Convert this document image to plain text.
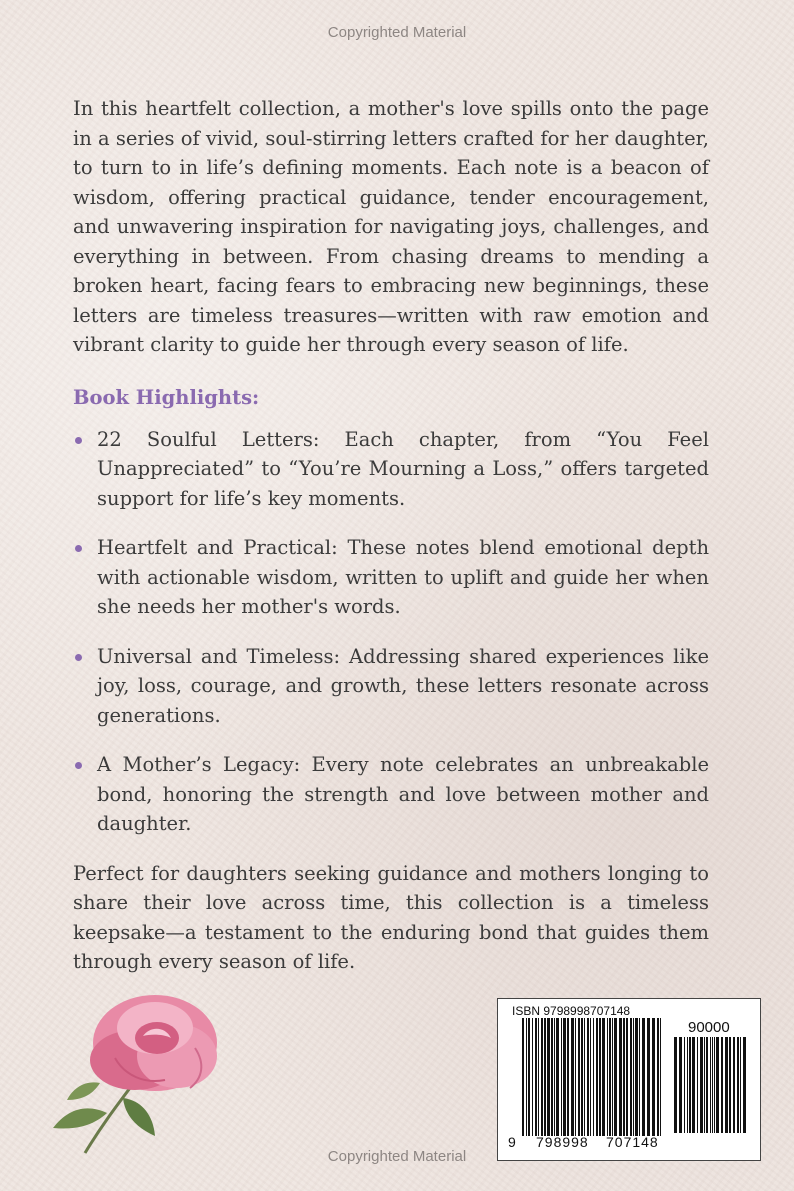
Copyrighted Material

In this heartfelt collection, a mother's love spills onto the page in a series of vivid, soul-stirring letters crafted for her daughter, to turn to in life’s defining moments. Each note is a beacon of wisdom, offering practical guidance, tender encouragement, and unwavering inspiration for navigating joys, challenges, and everything in between. From chasing dreams to mending a broken heart, facing fears to embracing new beginnings, these letters are timeless treasures—written with raw emotion and vibrant clarity to guide her through every season of life.

Book Highlights:
22 Soulful Letters: Each chapter, from “You Feel Unappreciated” to “You’re Mourning a Loss,” offers targeted support for life’s key moments.
Heartfelt and Practical: These notes blend emotional depth with actionable wisdom, written to uplift and guide her when she needs her mother's words.
Universal and Timeless: Addressing shared experiences like joy, loss, courage, and growth, these letters resonate across generations.
A Mother’s Legacy: Every note celebrates an unbreakable bond, honoring the strength and love between mother and daughter.

Perfect for daughters seeking guidance and mothers longing to share their love across time, this collection is a timeless keepsake—a testament to the enduring bond that guides them through every season of life.

ISBN 9798998707148
90000
9 798998 707148
Copyrighted Material
